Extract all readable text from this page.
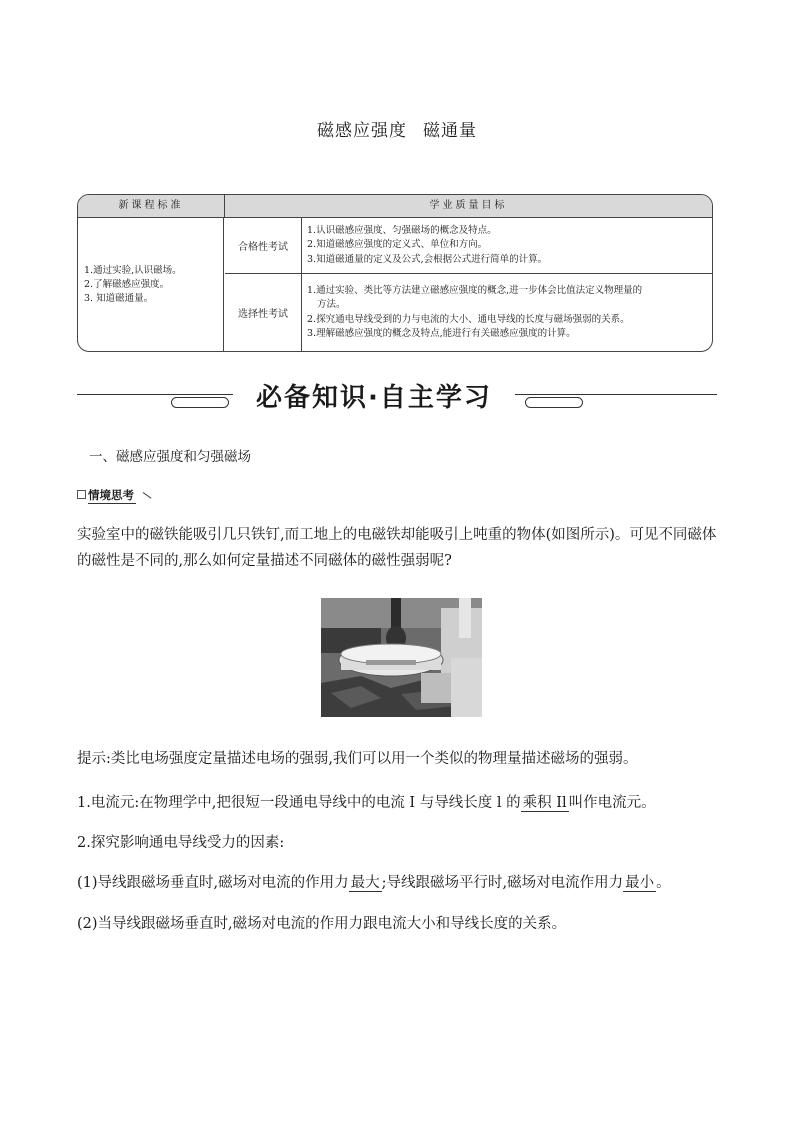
磁感应强度 磁通量
新课程标准	学业质量目标
1.通过实验,认识磁场。
2.了解磁感应强度。
3. 知道磁通量。
合格性考试
1.认识磁感应强度、匀强磁场的概念及特点。
2.知道磁感应强度的定义式、单位和方向。
3.知道磁通量的定义及公式,会根据公式进行简单的计算。
选择性考试
1.通过实验、类比等方法建立磁感应强度的概念,进一步体会比值法定义物理量的
方法。
2.探究通电导线受到的力与电流的大小、通电导线的长度与磁场强弱的关系。
3.理解磁感应强度的概念及特点,能进行有关磁感应强度的计算。
必备知识·自主学习
一、磁感应强度和匀强磁场
情境思考
实验室中的磁铁能吸引几只铁钉,而工地上的电磁铁却能吸引上吨重的物体(如图所示)。可见不同磁体的磁性是不同的,那么如何定量描述不同磁体的磁性强弱呢?
提示:类比电场强度定量描述电场的强弱,我们可以用一个类似的物理量描述磁场的强弱。
1.电流元:在物理学中,把很短一段通电导线中的电流 I 与导线长度 l 的 乘积 Il 叫作电流元。
2.探究影响通电导线受力的因素:
(1)导线跟磁场垂直时,磁场对电流的作用力 最大 ;导线跟磁场平行时,磁场对电流作用力 最小 。
(2)当导线跟磁场垂直时,磁场对电流的作用力跟电流大小和导线长度的关系。
